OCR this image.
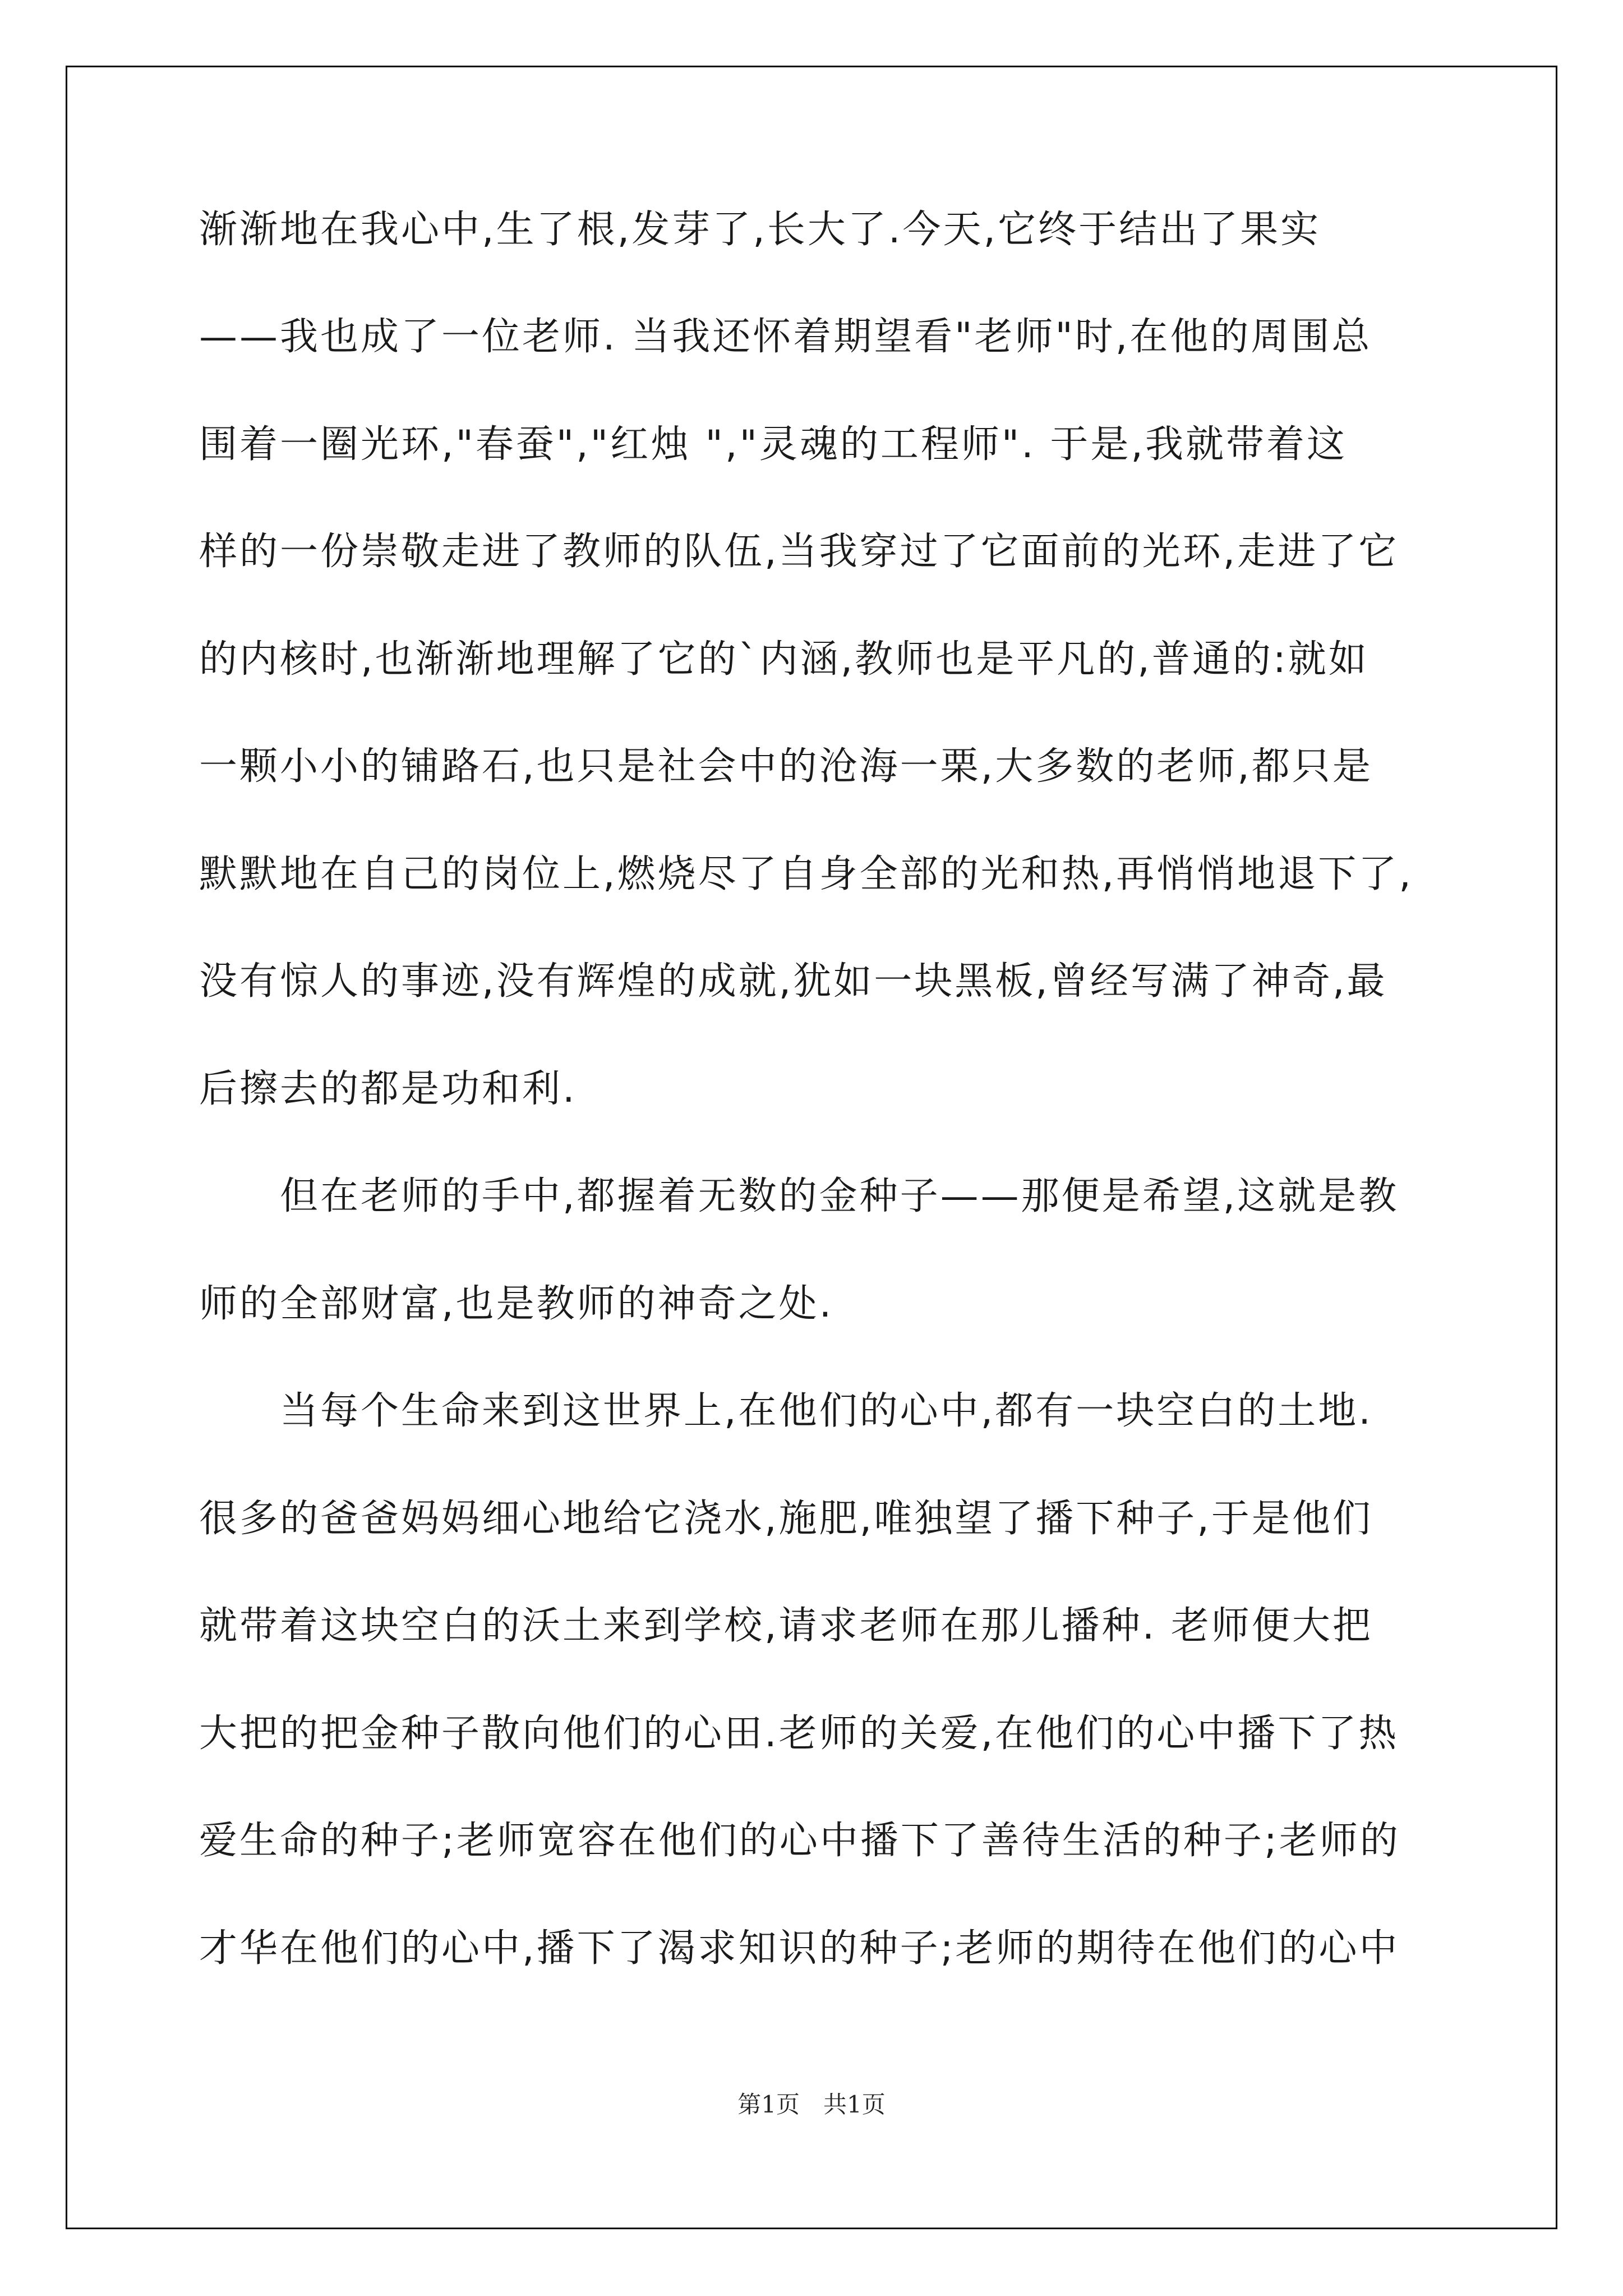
渐渐地在我心中,生了根,发芽了,长大了.今天,它终于结出了果实
——我也成了一位老师. 当我还怀着期望看"老师"时,在他的周围总
围着一圈光环,"春蚕","红烛 ","灵魂的工程师". 于是,我就带着这
样的一份崇敬走进了教师的队伍,当我穿过了它面前的光环,走进了它
的内核时,也渐渐地理解了它的`内涵,教师也是平凡的,普通的:就如
一颗小小的铺路石,也只是社会中的沧海一栗,大多数的老师,都只是
默默地在自己的岗位上,燃烧尽了自身全部的光和热,再悄悄地退下了,
没有惊人的事迹,没有辉煌的成就,犹如一块黑板,曾经写满了神奇,最
后擦去的都是功和利.
　　但在老师的手中,都握着无数的金种子——那便是希望,这就是教
师的全部财富,也是教师的神奇之处.
　　当每个生命来到这世界上,在他们的心中,都有一块空白的土地.
很多的爸爸妈妈细心地给它浇水,施肥,唯独望了播下种子,于是他们
就带着这块空白的沃土来到学校,请求老师在那儿播种. 老师便大把
大把的把金种子散向他们的心田.老师的关爱,在他们的心中播下了热
爱生命的种子;老师宽容在他们的心中播下了善待生活的种子;老师的
才华在他们的心中,播下了渴求知识的种子;老师的期待在他们的心中
第1页　共1页
